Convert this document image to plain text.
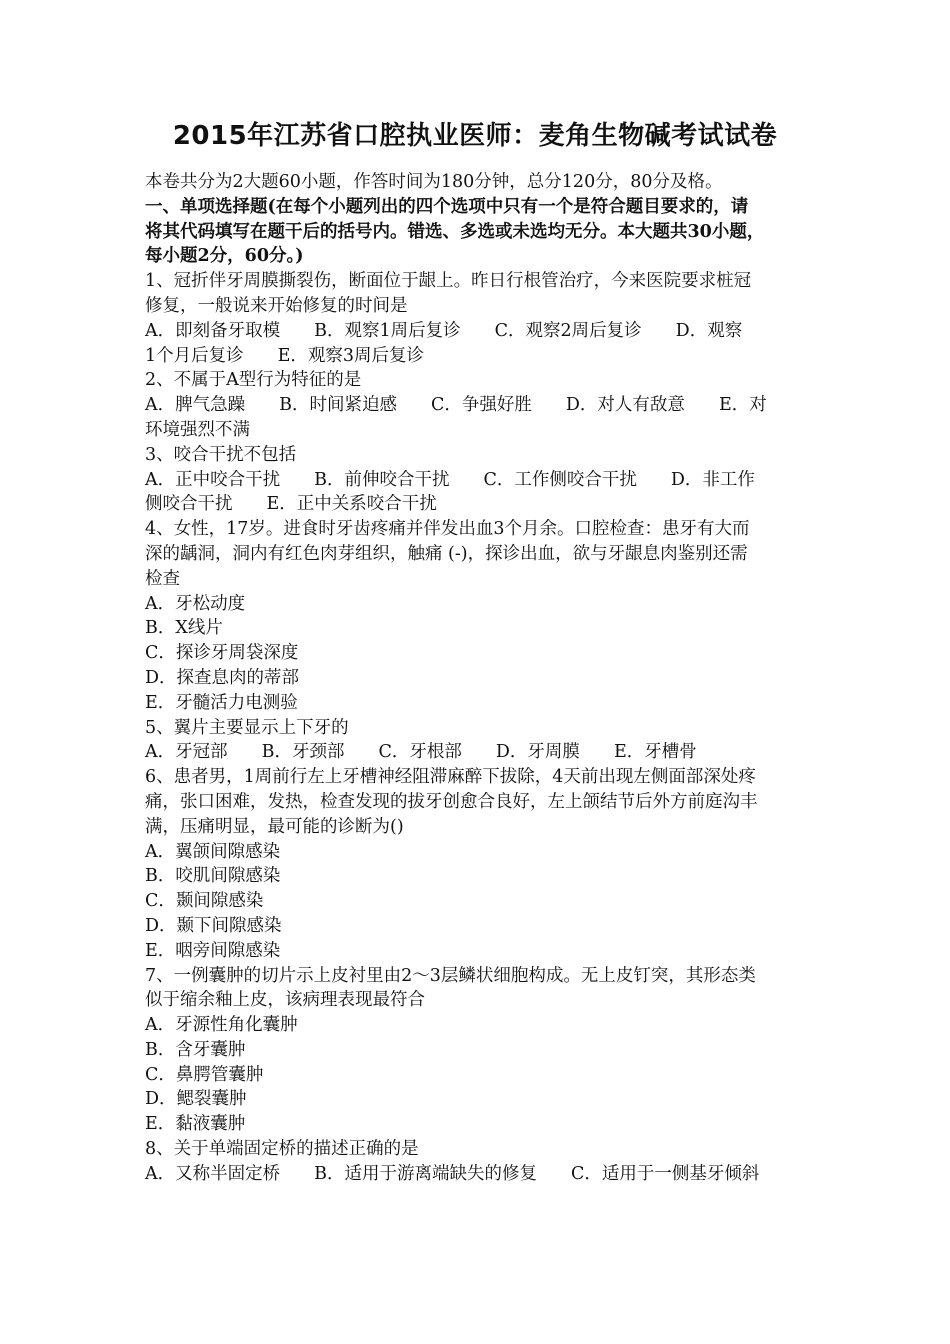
2015年江苏省口腔执业医师：麦角生物碱考试试卷
本卷共分为2大题60小题，作答时间为180分钟，总分120分，80分及格。
一、单项选择题(在每个小题列出的四个选项中只有一个是符合题目要求的，请
将其代码填写在题干后的括号内。错选、多选或未选均无分。本大题共30小题，
每小题2分，60分。)
1、冠折伴牙周膜撕裂伤，断面位于龈上。昨日行根管治疗，今来医院要求桩冠
修复，一般说来开始修复的时间是
A．即刻备牙取模 B．观察1周后复诊 C．观察2周后复诊 D．观察
1个月后复诊 E．观察3周后复诊
2、不属于A型行为特征的是
A．脾气急躁 B．时间紧迫感 C．争强好胜 D．对人有敌意 E．对
环境强烈不满
3、咬合干扰不包括
A．正中咬合干扰 B．前伸咬合干扰 C．工作侧咬合干扰 D．非工作
侧咬合干扰 E．正中关系咬合干扰
4、女性，17岁。进食时牙齿疼痛并伴发出血3个月余。口腔检查：患牙有大而
深的龋洞，洞内有红色肉芽组织，触痛 (-)，探诊出血，欲与牙龈息肉鉴别还需
检查
A．牙松动度
B．X线片
C．探诊牙周袋深度
D．探查息肉的蒂部
E．牙髓活力电测验
5、翼片主要显示上下牙的
A．牙冠部 B．牙颈部 C．牙根部 D．牙周膜 E．牙槽骨
6、患者男，1周前行左上牙槽神经阻滞麻醉下拔除，4天前出现左侧面部深处疼
痛，张口困难，发热，检查发现的拔牙创愈合良好，左上颌结节后外方前庭沟丰
满，压痛明显，最可能的诊断为()
A．翼颌间隙感染
B．咬肌间隙感染
C．颞间隙感染
D．颞下间隙感染
E．咽旁间隙感染
7、一例囊肿的切片示上皮衬里由2～3层鳞状细胞构成。无上皮钉突，其形态类
似于缩余釉上皮，该病理表现最符合
A．牙源性角化囊肿
B．含牙囊肿
C．鼻腭管囊肿
D．鳃裂囊肿
E．黏液囊肿
8、关于单端固定桥的描述正确的是
A．又称半固定桥 B．适用于游离端缺失的修复 C．适用于一侧基牙倾斜
